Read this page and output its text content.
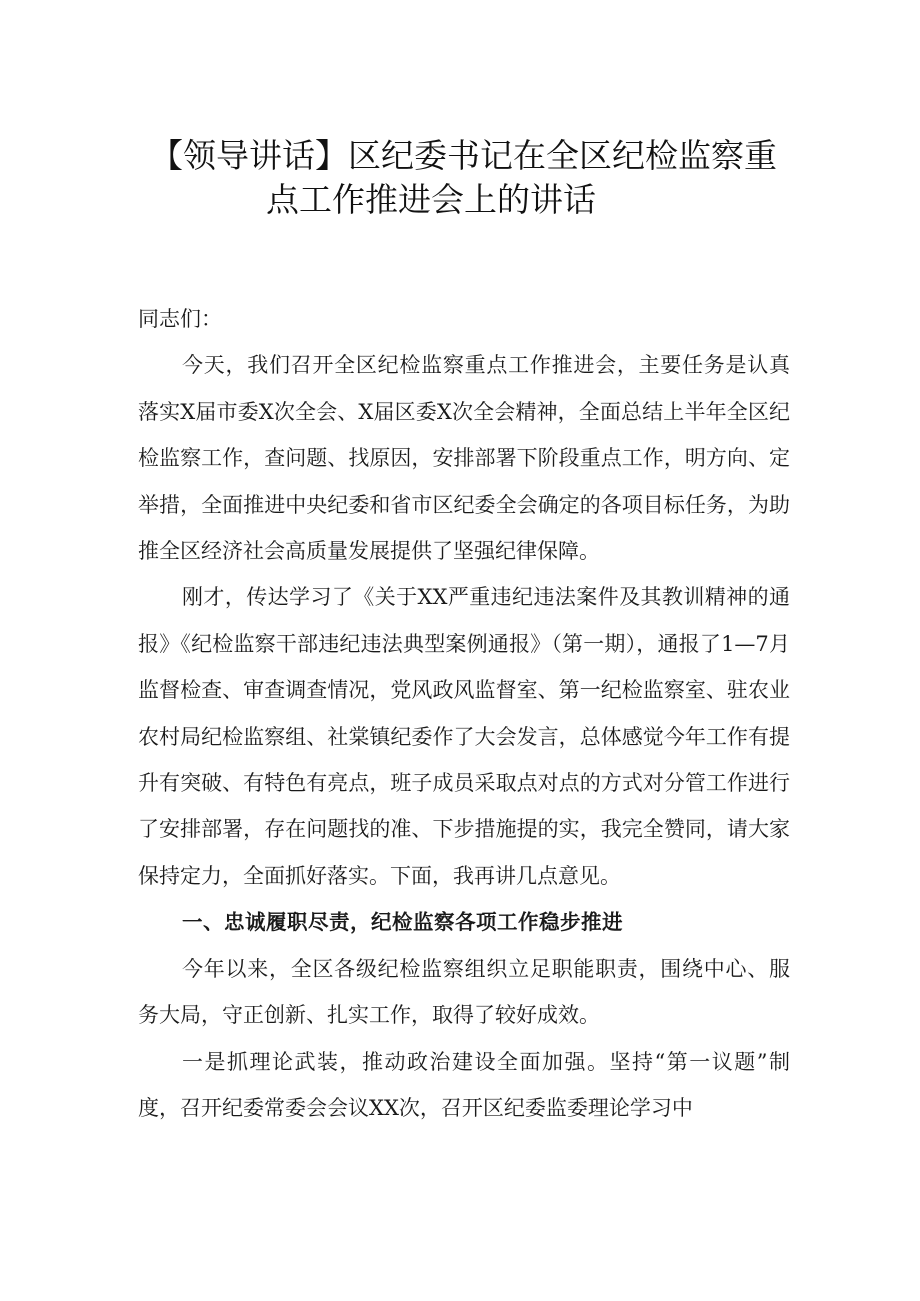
【领导讲话】区纪委书记在全区纪检监察重
点工作推进会上的讲话

同志们：

今天，我们召开全区纪检监察重点工作推进会，主要任务是认真落实X届市委X次全会、X届区委X次全会精神，全面总结上半年全区纪检监察工作，查问题、找原因，安排部署下阶段重点工作，明方向、定举措，全面推进中央纪委和省市区纪委全会确定的各项目标任务，为助推全区经济社会高质量发展提供了坚强纪律保障。

刚才，传达学习了《关于XX严重违纪违法案件及其教训精神的通报》《纪检监察干部违纪违法典型案例通报》（第一期），通报了1—7月监督检查、审查调查情况，党风政风监督室、第一纪检监察室、驻农业农村局纪检监察组、社棠镇纪委作了大会发言，总体感觉今年工作有提升有突破、有特色有亮点，班子成员采取点对点的方式对分管工作进行了安排部署，存在问题找的准、下步措施提的实，我完全赞同，请大家保持定力，全面抓好落实。下面，我再讲几点意见。

一、忠诚履职尽责，纪检监察各项工作稳步推进

今年以来，全区各级纪检监察组织立足职能职责，围绕中心、服务大局，守正创新、扎实工作，取得了较好成效。

一是抓理论武装，推动政治建设全面加强。坚持“第一议题”制度，召开纪委常委会会议XX次，召开区纪委监委理论学习中
